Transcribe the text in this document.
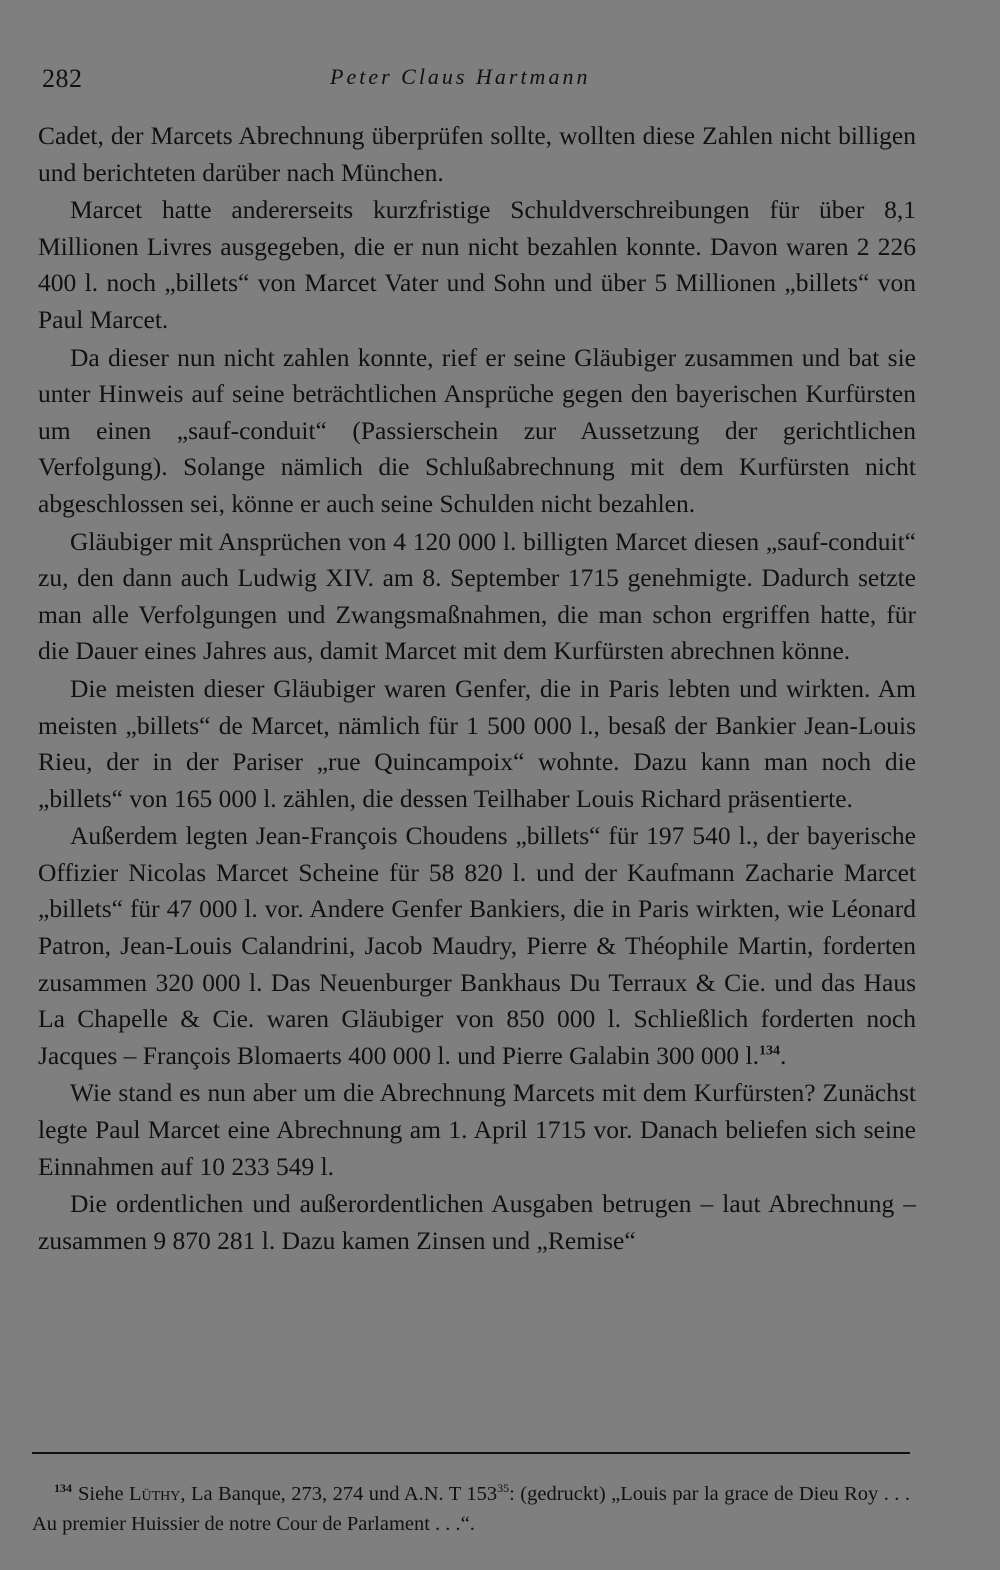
282	Peter Claus Hartmann

Cadet, der Marcets Abrechnung überprüfen sollte, wollten diese Zahlen nicht billigen und berichteten darüber nach München.

Marcet hatte andererseits kurzfristige Schuldverschreibungen für über 8,1 Millionen Livres ausgegeben, die er nun nicht bezahlen konnte. Davon waren 2 226 400 l. noch „billets“ von Marcet Vater und Sohn und über 5 Millionen „billets“ von Paul Marcet.

Da dieser nun nicht zahlen konnte, rief er seine Gläubiger zusammen und bat sie unter Hinweis auf seine beträchtlichen Ansprüche gegen den bayerischen Kurfürsten um einen „sauf-conduit“ (Passierschein zur Aussetzung der gerichtlichen Verfolgung). Solange nämlich die Schlußabrechnung mit dem Kurfürsten nicht abgeschlossen sei, könne er auch seine Schulden nicht bezahlen.

Gläubiger mit Ansprüchen von 4 120 000 l. billigten Marcet diesen „sauf-conduit“ zu, den dann auch Ludwig XIV. am 8. September 1715 genehmigte. Dadurch setzte man alle Verfolgungen und Zwangsmaßnahmen, die man schon ergriffen hatte, für die Dauer eines Jahres aus, damit Marcet mit dem Kurfürsten abrechnen könne.

Die meisten dieser Gläubiger waren Genfer, die in Paris lebten und wirkten. Am meisten „billets“ de Marcet, nämlich für 1 500 000 l., besaß der Bankier Jean-Louis Rieu, der in der Pariser „rue Quincampoix“ wohnte. Dazu kann man noch die „billets“ von 165 000 l. zählen, die dessen Teilhaber Louis Richard präsentierte.

Außerdem legten Jean-François Choudens „billets“ für 197 540 l., der bayerische Offizier Nicolas Marcet Scheine für 58 820 l. und der Kaufmann Zacharie Marcet „billets“ für 47 000 l. vor. Andere Genfer Bankiers, die in Paris wirkten, wie Léonard Patron, Jean-Louis Calandrini, Jacob Maudry, Pierre & Théophile Martin, forderten zusammen 320 000 l. Das Neuenburger Bankhaus Du Terraux & Cie. und das Haus La Chapelle & Cie. waren Gläubiger von 850 000 l. Schließlich forderten noch Jacques – François Blomaerts 400 000 l. und Pierre Galabin 300 000 l.$^{134}$.

Wie stand es nun aber um die Abrechnung Marcets mit dem Kurfürsten? Zunächst legte Paul Marcet eine Abrechnung am 1. April 1715 vor. Danach beliefen sich seine Einnahmen auf 10 233 549 l.

Die ordentlichen und außerordentlichen Ausgaben betrugen – laut Abrechnung – zusammen 9 870 281 l. Dazu kamen Zinsen und „Remise“

$^{134}$ Siehe Lüthy, La Banque, 273, 274 und A.N. T $153^{35}$: (gedruckt) „Louis par la grace de Dieu Roy . . . Au premier Huissier de notre Cour de Parlament . . .“.
